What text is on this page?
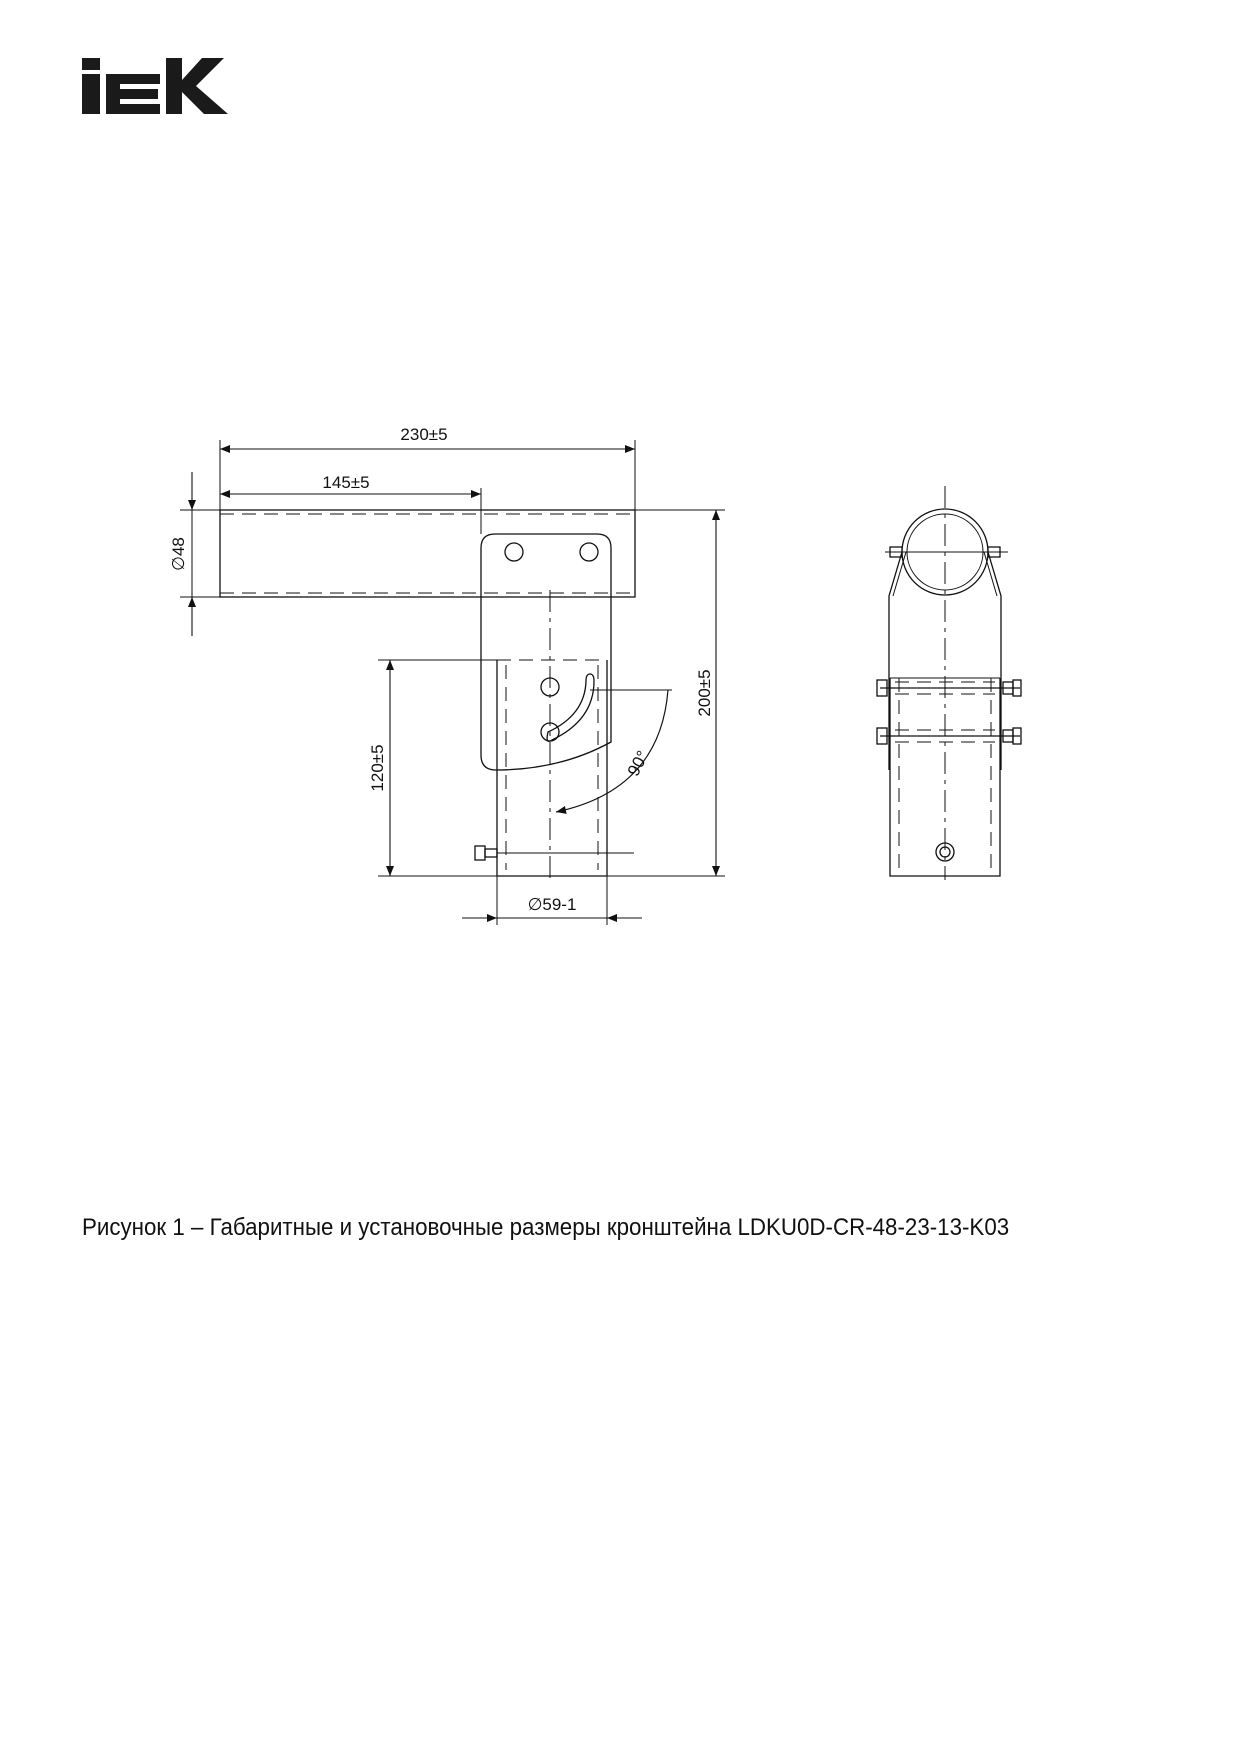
230±5
145±5
∅48
200±5
120±5
∅59-1
90°
Рисунок 1 – Габаритные и установочные размеры кронштейна LDKU0D-CR-48-23-13-K03
